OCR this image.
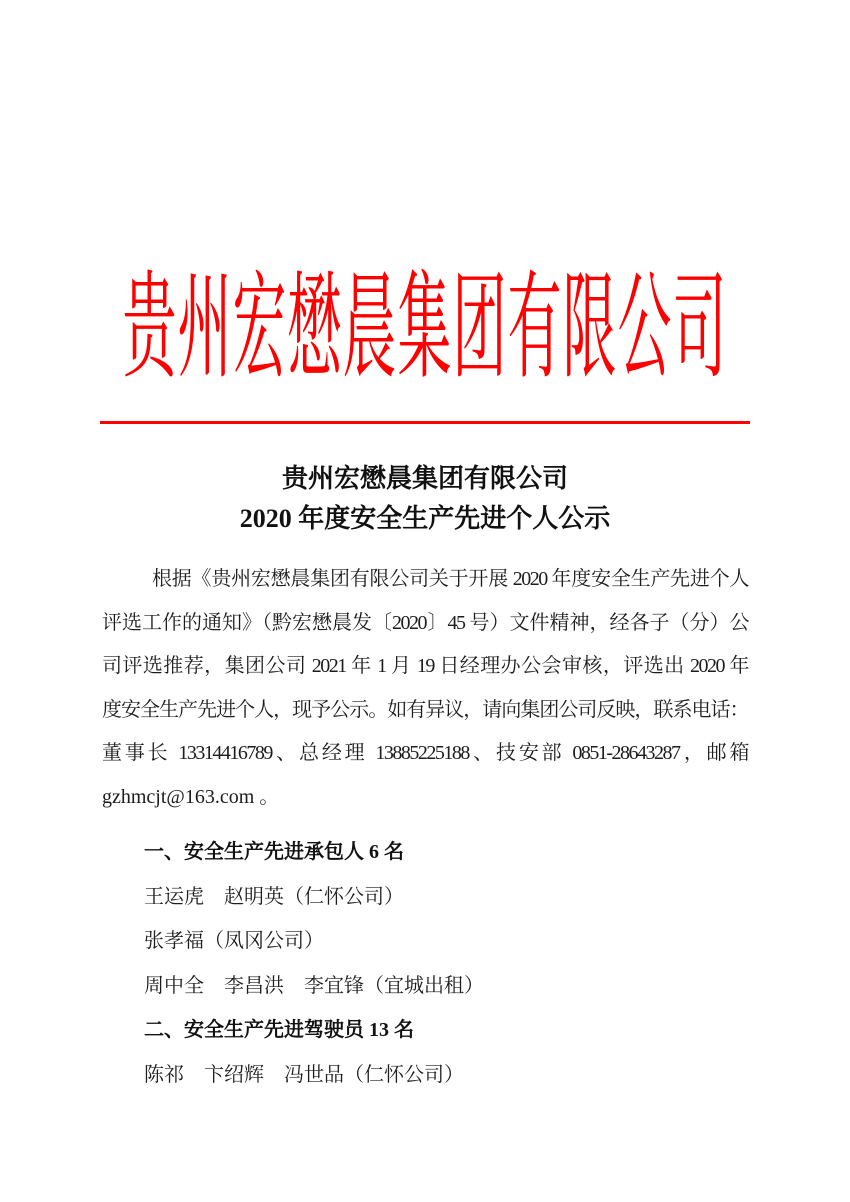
贵州宏懋晨集团有限公司
贵州宏懋晨集团有限公司
2020 年度安全生产先进个人公示
根据《贵州宏懋晨集团有限公司关于开展 2020 年度安全生产先进个人
评选工作的通知》（黔宏懋晨发〔2020〕45 号）文件精神，经各子（分）公
司评选推荐，集团公司 2021 年 1 月 19 日经理办公会审核，评选出 2020 年
度安全生产先进个人，现予公示。如有异议，请向集团公司反映，联系电话：
董事长 13314416789、总经理 13885225188、技安部 0851-28643287，邮箱
gzhmcjt@163.com 。
一、安全生产先进承包人 6 名
王运虎　赵明英（仁怀公司）
张孝福（凤冈公司）
周中全　李昌洪　李宜锋（宜城出租）
二、安全生产先进驾驶员 13 名
陈祁　卞绍辉　冯世品（仁怀公司）
